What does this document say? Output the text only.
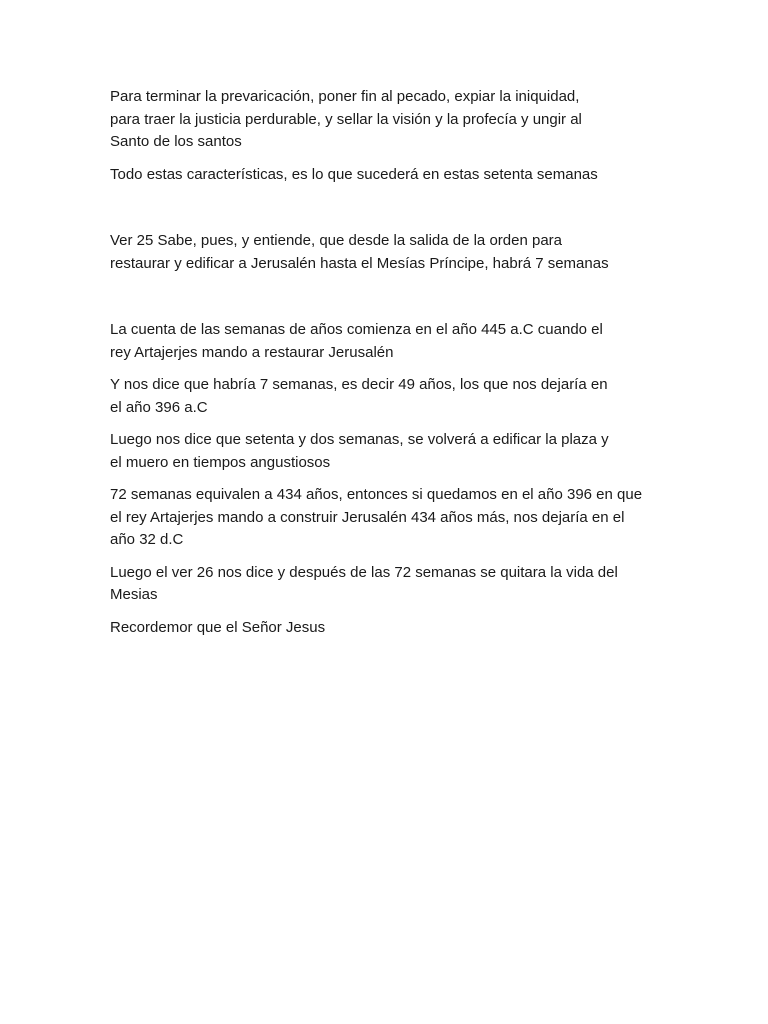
Para terminar la prevaricación, poner fin al pecado, expiar la iniquidad,
para traer la justicia perdurable, y sellar la visión y la profecía y ungir al
Santo de los santos

Todo estas características, es lo que sucederá en estas setenta semanas

Ver 25 Sabe, pues, y entiende, que desde la salida de la orden para
restaurar y edificar a Jerusalén hasta el Mesías Príncipe, habrá 7 semanas

La cuenta de las semanas de años comienza en el año 445 a.C cuando el
rey Artajerjes mando a restaurar Jerusalén

Y nos dice que habría 7 semanas, es decir 49 años, los que nos dejaría en
el año 396 a.C

Luego nos dice que setenta y dos semanas, se volverá a edificar la plaza y
el muero en tiempos angustiosos

72 semanas equivalen a 434 años, entonces si quedamos en el año 396 en que
el rey Artajerjes mando a construir Jerusalén 434 años más, nos dejaría en el
año 32 d.C

Luego el ver 26 nos dice y después de las 72 semanas se quitara la vida del
Mesias

Recordemor que el Señor Jesus
